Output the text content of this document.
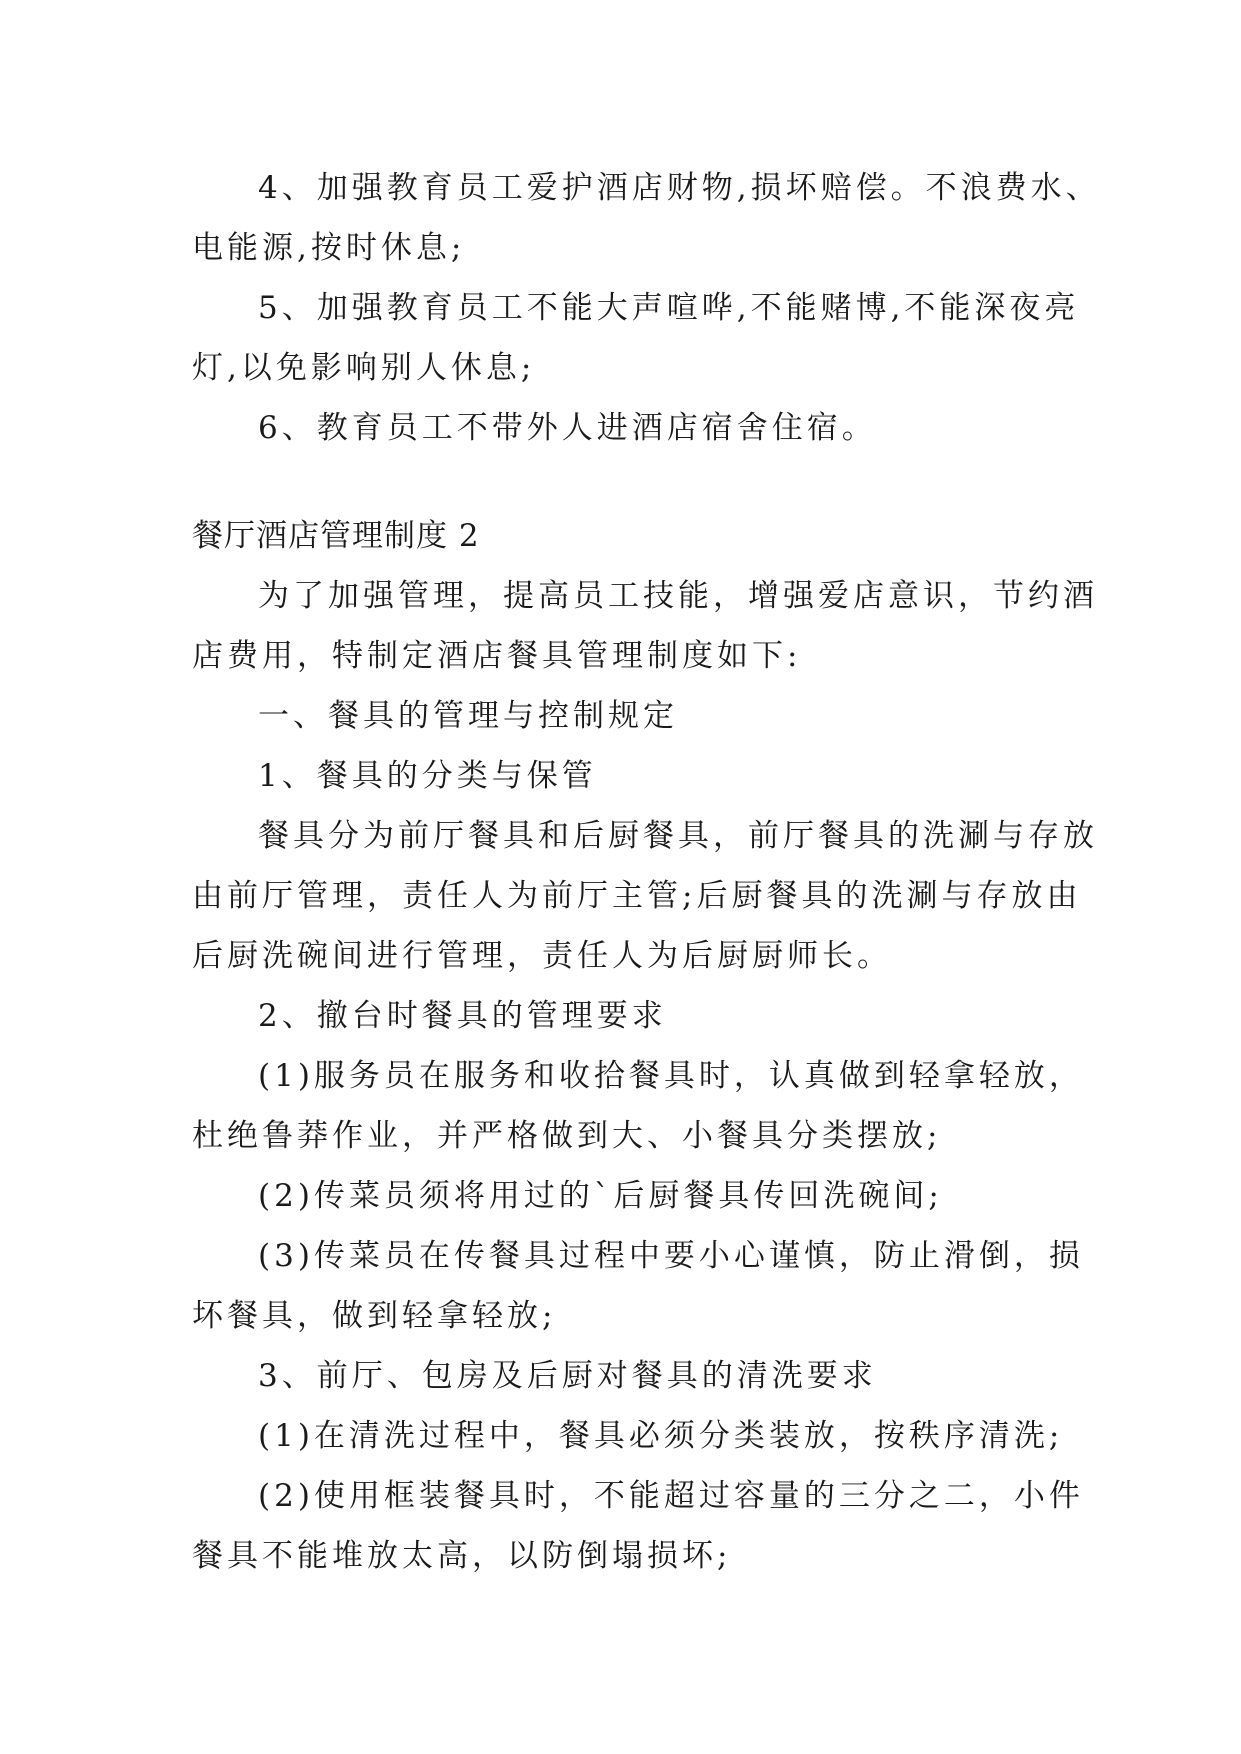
4、加强教育员工爱护酒店财物,损坏赔偿。不浪费水、
电能源,按时休息;
5、加强教育员工不能大声喧哗,不能赌博,不能深夜亮
灯,以免影响别人休息;
6、教育员工不带外人进酒店宿舍住宿。
餐厅酒店管理制度 2
为了加强管理，提高员工技能，增强爱店意识，节约酒
店费用，特制定酒店餐具管理制度如下:
一、餐具的管理与控制规定
1、餐具的分类与保管
餐具分为前厅餐具和后厨餐具，前厅餐具的洗涮与存放
由前厅管理，责任人为前厅主管;后厨餐具的洗涮与存放由
后厨洗碗间进行管理，责任人为后厨厨师长。
2、撤台时餐具的管理要求
(1)服务员在服务和收拾餐具时，认真做到轻拿轻放，
杜绝鲁莽作业，并严格做到大、小餐具分类摆放;
(2)传菜员须将用过的`后厨餐具传回洗碗间;
(3)传菜员在传餐具过程中要小心谨慎，防止滑倒，损
坏餐具，做到轻拿轻放;
3、前厅、包房及后厨对餐具的清洗要求
(1)在清洗过程中，餐具必须分类装放，按秩序清洗;
(2)使用框装餐具时，不能超过容量的三分之二，小件
餐具不能堆放太高，以防倒塌损坏;
